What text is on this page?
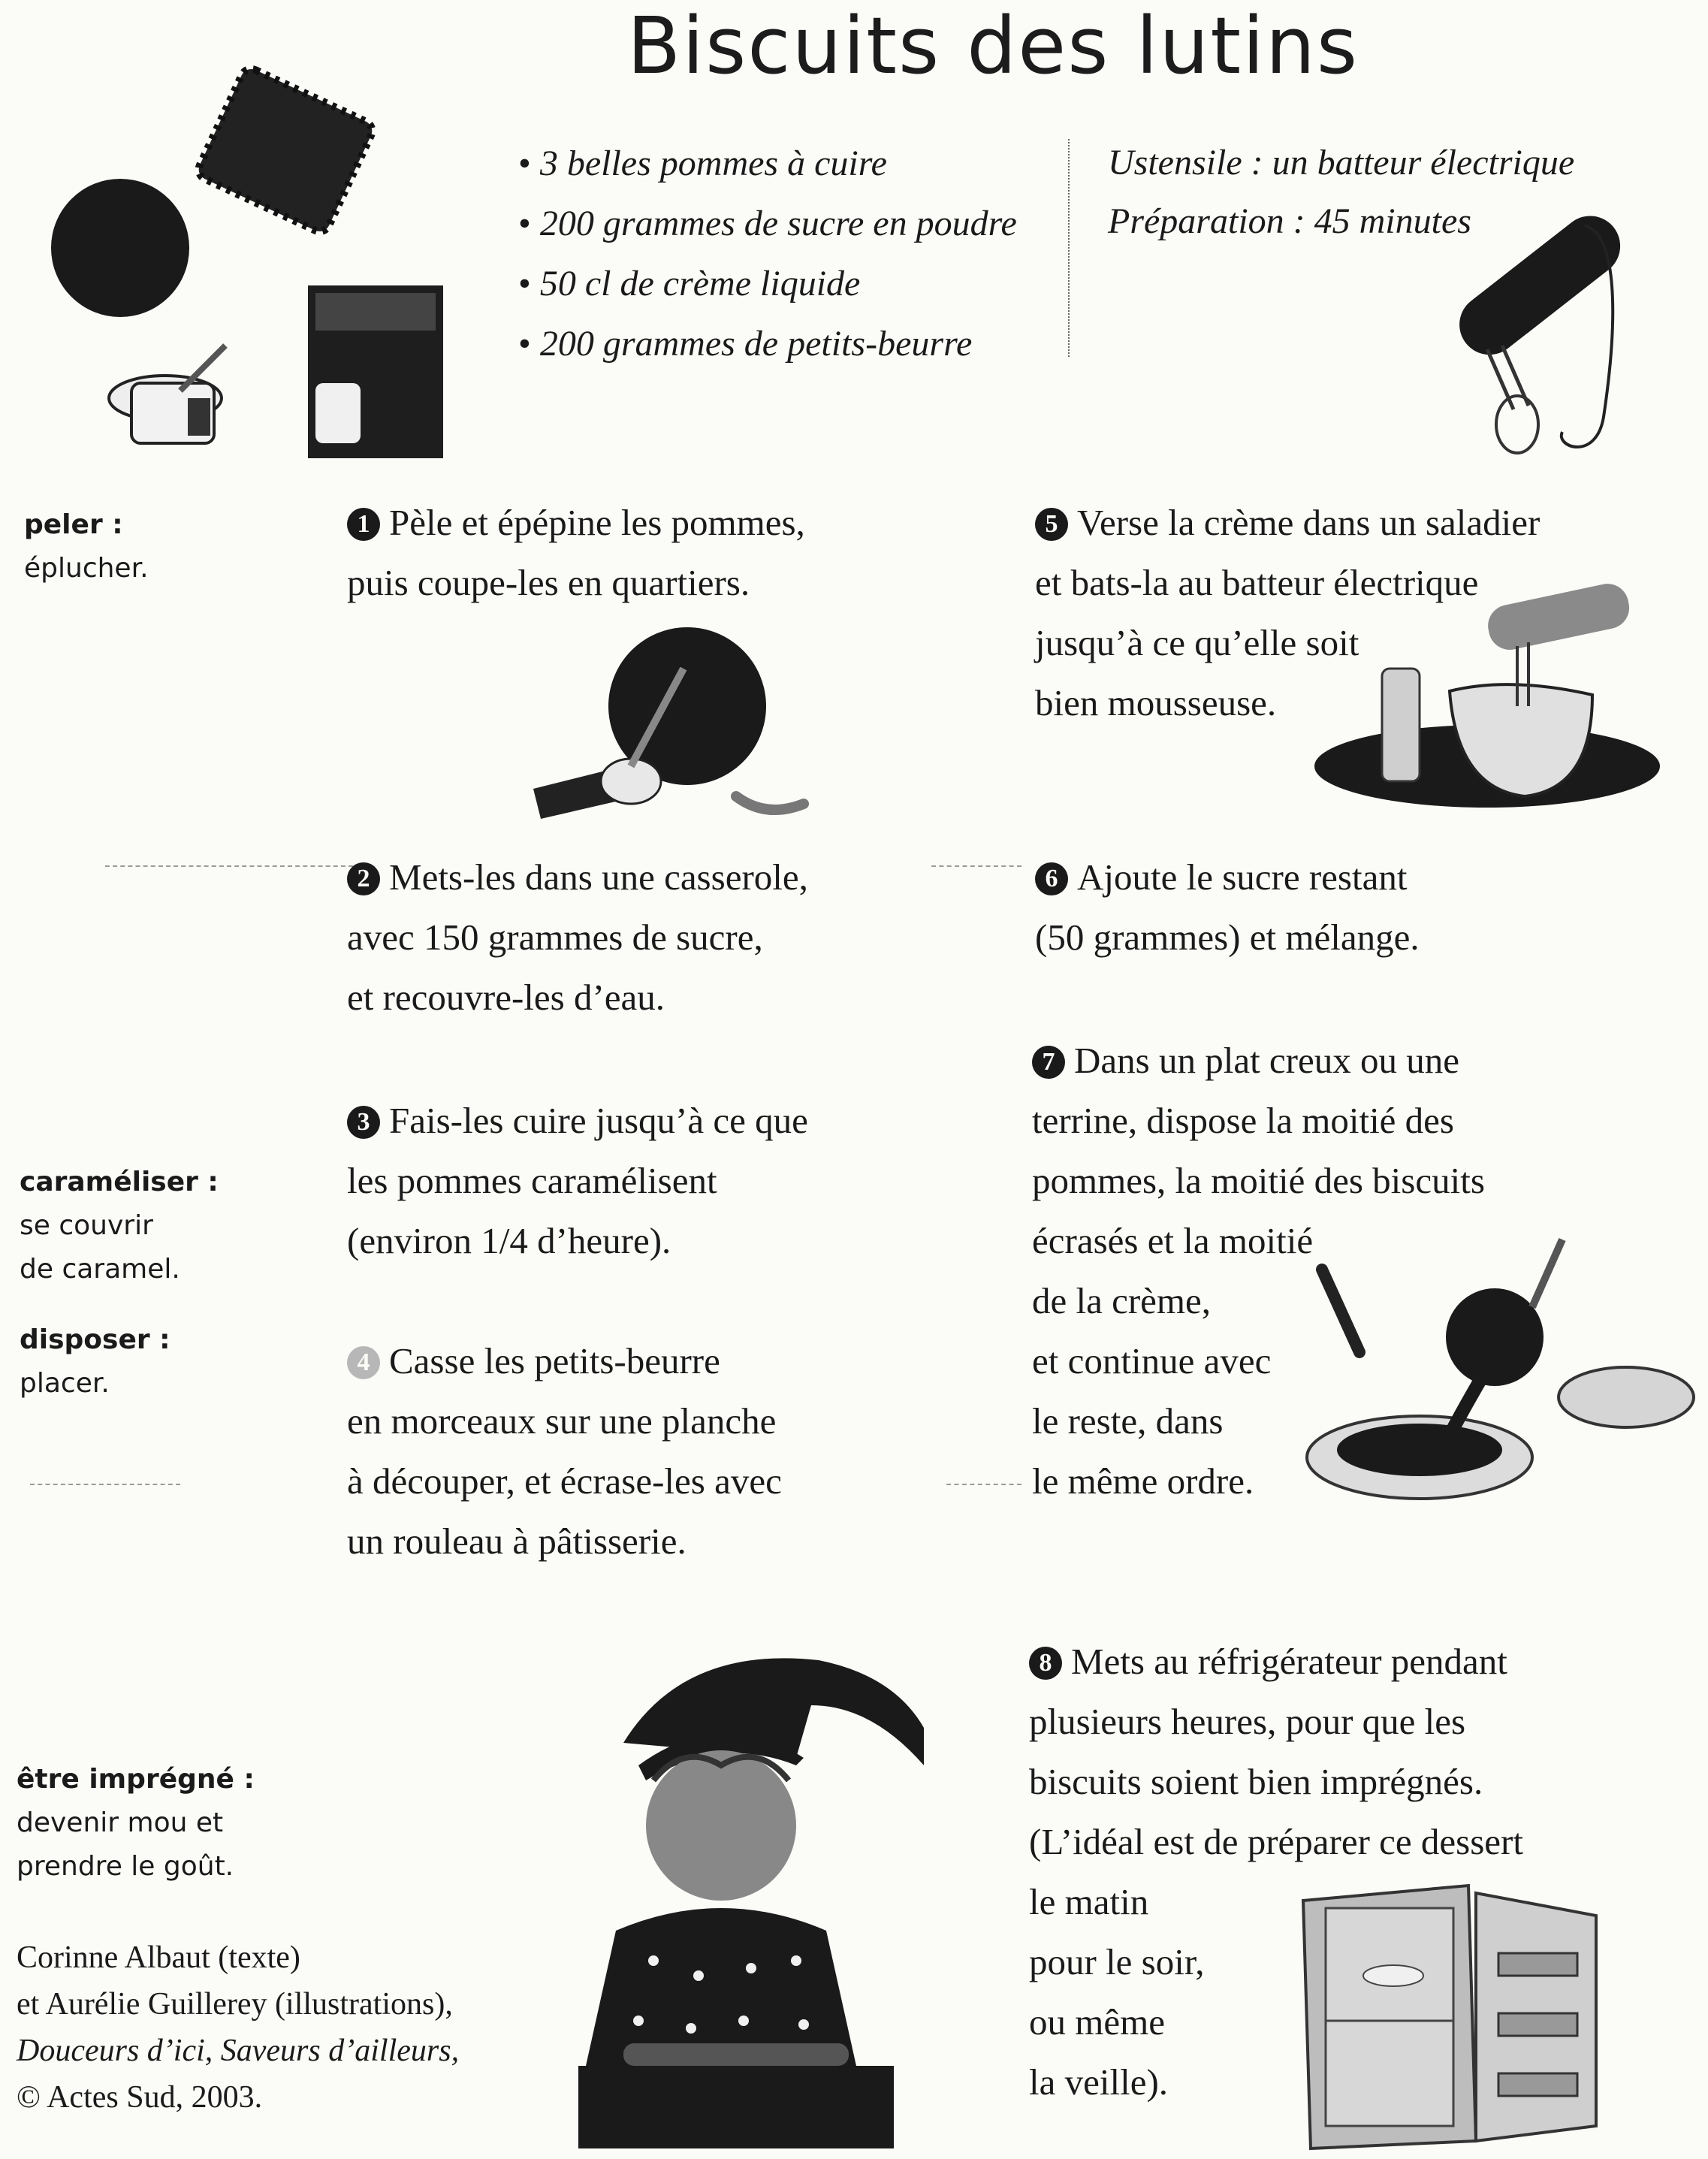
Biscuits des lutins
• 3 belles pommes à cuire
• 200 grammes de sucre en poudre
• 50 cl de crème liquide
• 200 grammes de petits-beurre
Ustensile : un batteur électrique
Préparation : 45 minutes
peler :
éplucher.
caraméliser :
se couvrir
de caramel.
disposer :
placer.
être imprégné :
devenir mou et
prendre le goût.
Corinne Albaut (texte)
et Aurélie Guillerey (illustrations),
Douceurs d’ici, Saveurs d’ailleurs,
© Actes Sud, 2003.
1 Pèle et épépine les pommes,
puis coupe-les en quartiers.
2 Mets-les dans une casserole,
avec 150 grammes de sucre,
et recouvre-les d’eau.
3 Fais-les cuire jusqu’à ce que
les pommes caramélisent
(environ 1/4 d’heure).
4 Casse les petits-beurre
en morceaux sur une planche
à découper, et écrase-les avec
un rouleau à pâtisserie.
5 Verse la crème dans un saladier
et bats-la au batteur électrique
jusqu’à ce qu’elle soit
bien mousseuse.
6 Ajoute le sucre restant
(50 grammes) et mélange.
7 Dans un plat creux ou une
terrine, dispose la moitié des
pommes, la moitié des biscuits
écrasés et la moitié
de la crème,
et continue avec
le reste, dans
le même ordre.
8 Mets au réfrigérateur pendant
plusieurs heures, pour que les
biscuits soient bien imprégnés.
(L’idéal est de préparer ce dessert
le matin
pour le soir,
ou même
la veille).
